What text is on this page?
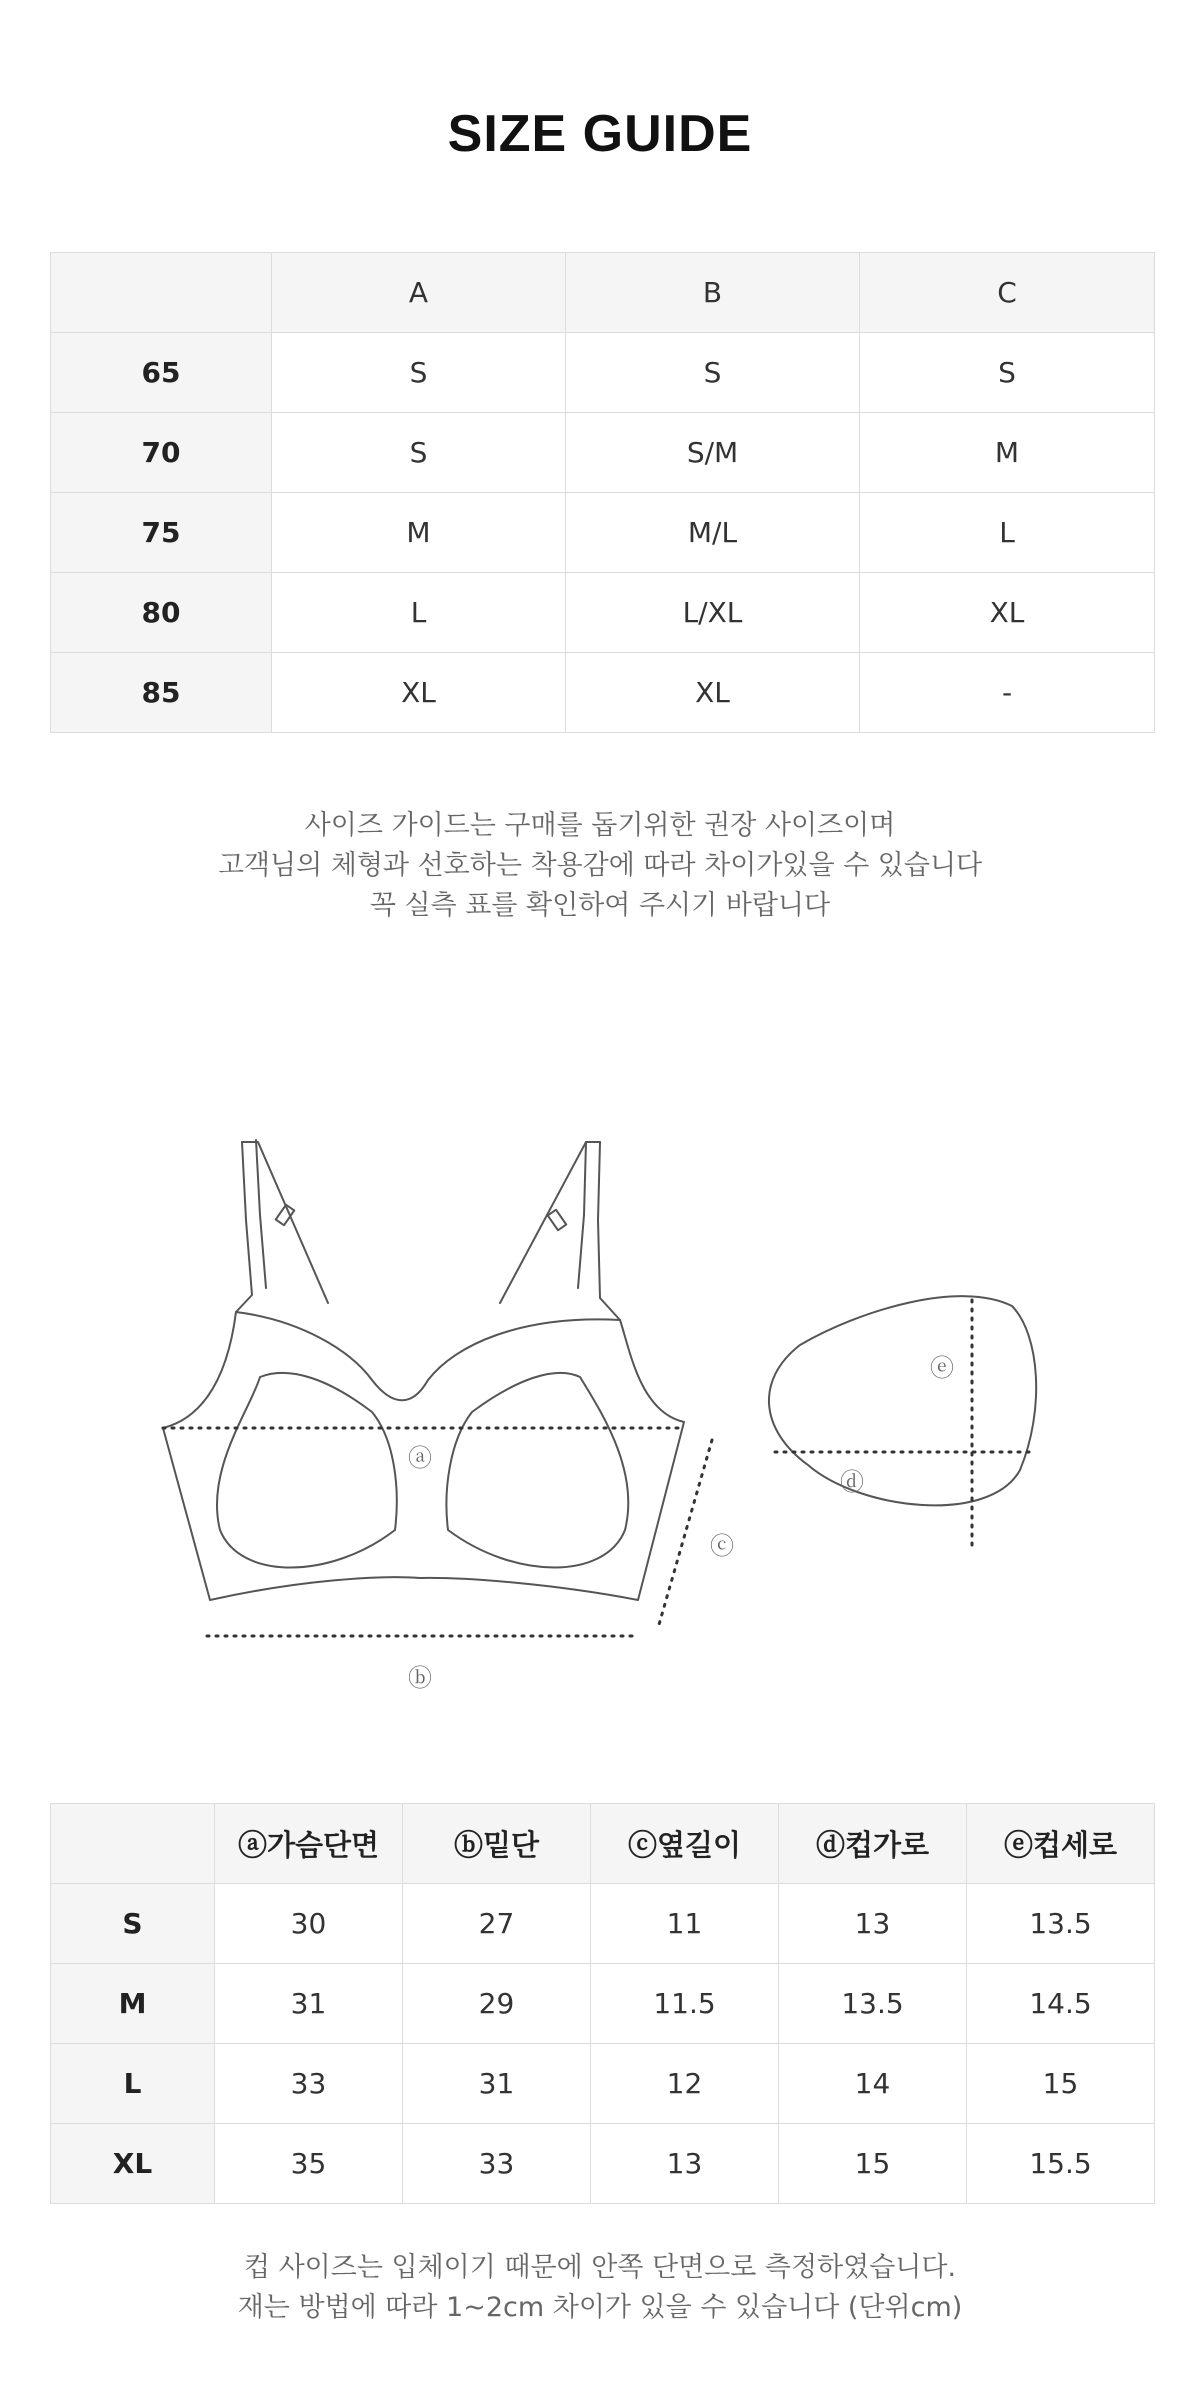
SIZE GUIDE
	A	B	C
65	S	S	S
70	S	S/M	M
75	M	M/L	L
80	L	L/XL	XL
85	XL	XL	-
사이즈 가이드는 구매를 돕기위한 권장 사이즈이며
고객님의 체형과 선호하는 착용감에 따라 차이가있을 수 있습니다
꼭 실측 표를 확인하여 주시기 바랍니다
ⓐ
ⓑ
ⓒ
ⓓ
ⓔ
	ⓐ가슴단면	ⓑ밑단	ⓒ옆길이	ⓓ컵가로	ⓔ컵세로
S	30	27	11	13	13.5
M	31	29	11.5	13.5	14.5
L	33	31	12	14	15
XL	35	33	13	15	15.5
컵 사이즈는 입체이기 때문에 안쪽 단면으로 측정하였습니다.
재는 방법에 따라 1~2cm 차이가 있을 수 있습니다 (단위cm)
